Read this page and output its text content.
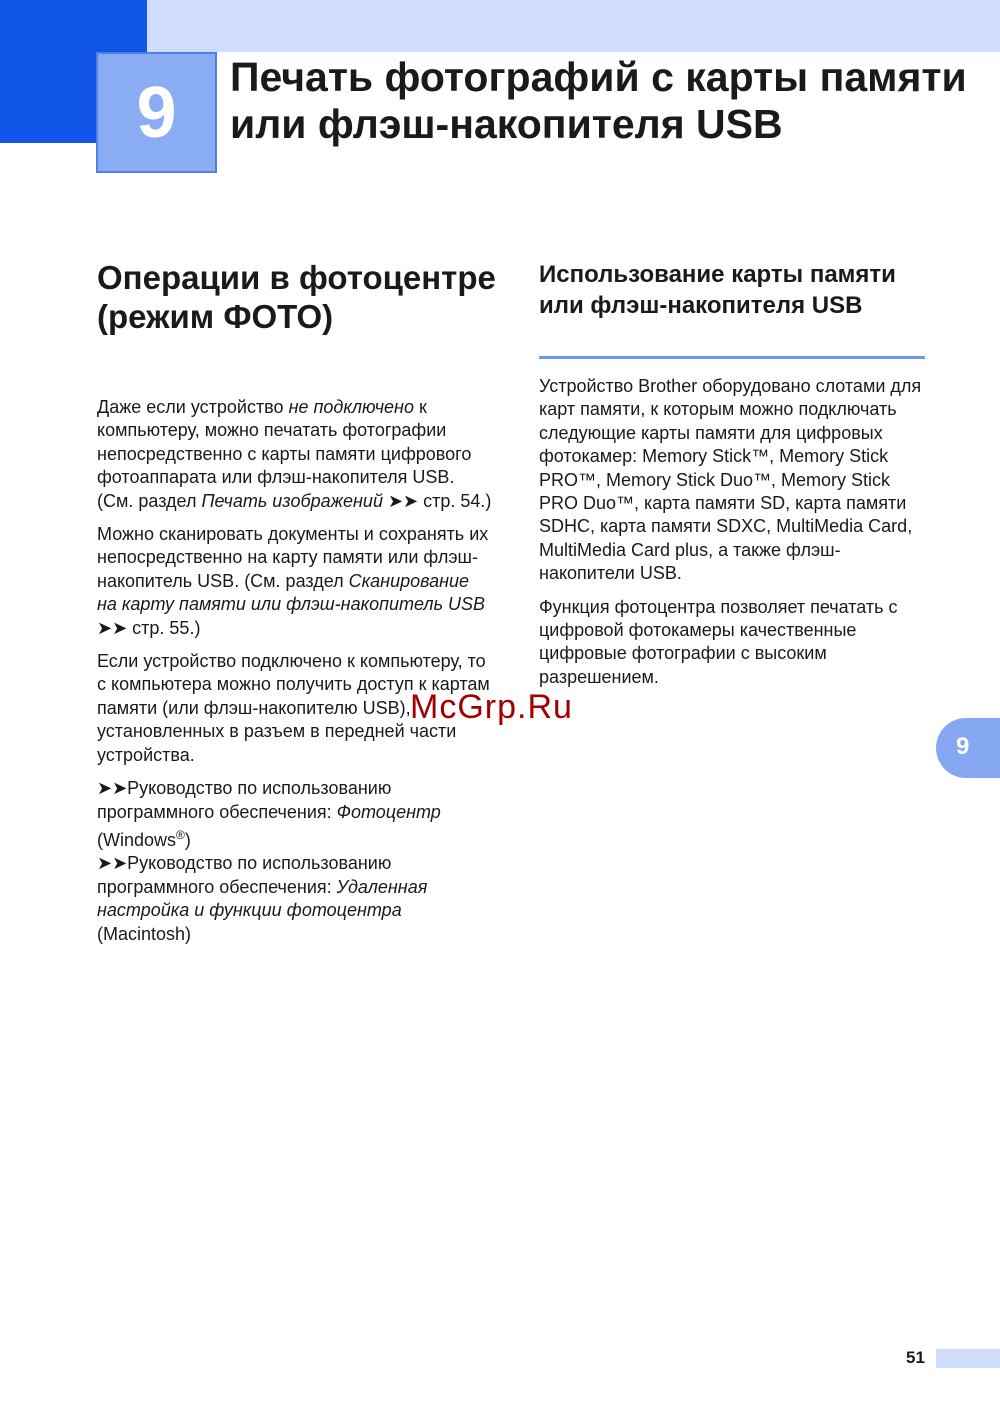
9 Печать фотографий с карты памяти или флэш-накопителя USB
Операции в фотоцентре (режим ФОТО)

Даже если устройство не подключено к компьютеру, можно печатать фотографии непосредственно с карты памяти цифрового фотоаппарата или флэш-накопителя USB. (См. раздел Печать изображений ➤➤ стр. 54.)

Можно сканировать документы и сохранять их непосредственно на карту памяти или флэш-накопитель USB. (См. раздел Сканирование на карту памяти или флэш-накопитель USB ➤➤ стр. 55.)

Если устройство подключено к компьютеру, то с компьютера можно получить доступ к картам памяти (или флэш-накопителю USB), установленных в разъем в передней части устройства.

➤➤Руководство по использованию программного обеспечения: Фотоцентр (Windows®)

➤➤Руководство по использованию программного обеспечения: Удаленная настройка и функции фотоцентра (Macintosh)

Использование карты памяти или флэш-накопителя USB

Устройство Brother оборудовано слотами для карт памяти, к которым можно подключать следующие карты памяти для цифровых фотокамер: Memory Stick™, Memory Stick PRO™, Memory Stick Duo™, Memory Stick PRO Duo™, карта памяти SD, карта памяти SDHC, карта памяти SDXC, MultiMedia Card, MultiMedia Card plus, а также флэш-накопители USB.

Функция фотоцентра позволяет печатать с цифровой фотокамеры качественные цифровые фотографии с высоким разрешением.

9
McGrp.Ru
51
